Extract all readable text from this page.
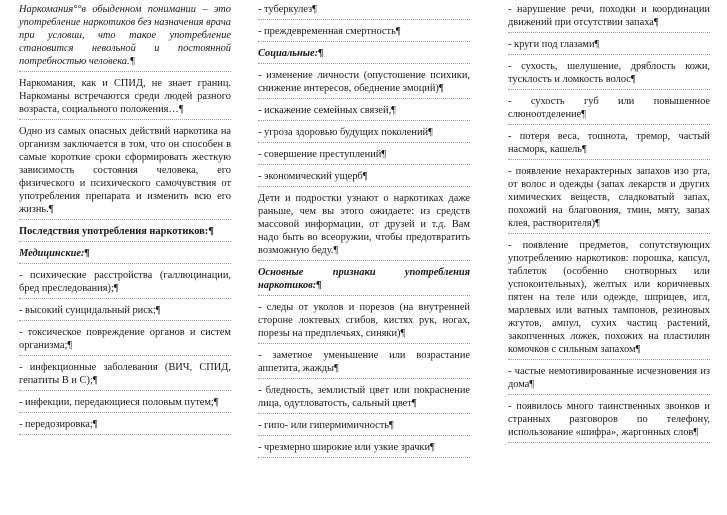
Наркомания°°в обыденном понимании – это употребление наркотиков без назначения врача при условии, что такое употребление становится невольной и постоянной потребностью человека.¶

Наркомания, как и СПИД, не знает границ. Наркоманы встречаются среди людей разного возраста, социального положения…¶

Одно из самых опасных действий наркотика на организм заключается в том, что он способен в самые короткие сроки сформировать жесткую зависимость состояния человека, его физического и психического самочувствия от употребления препарата и изменить всю его жизнь.¶

Последствия употребления наркотиков:¶

Медицинские:¶

- психические расстройства (галлюцинации, бред преследования);¶

- высокий суицидальный риск;¶

- токсическое повреждение органов и систем организма;¶

- инфекционные заболевания (ВИЧ, СПИД, гепатиты В и С);¶

- инфекции, передающиеся половым путем;¶

- передозировка;¶

- туберкулез¶

- преждевременная смертность¶

Социальные:¶

- изменение личности (опустошение психики, снижение интересов, обеднение эмоций)¶

- искажение семейных связей,¶

- угроза здоровью будущих поколений¶

- совершение преступлений¶

- экономический ущерб¶

Дети и подростки узнают о наркотиках даже раньше, чем вы этого ожидаете: из средств массовой информации, от друзей и т.д. Вам надо быть во всеоружии, чтобы предотвратить возможную беду.¶

Основные признаки употребления наркотиков:¶

- следы от уколов и порезов (на внутренней стороне локтевых сгибов, кистях рук, ногах, порезы на предплечьях, синяки)¶

- заметное уменьшение или возрастание аппетита, жажды¶

- бледность, землистый цвет или покраснение лица, одутловатость, сальный цвет¶

- гипо- или гипермимичность¶

- чрезмерно широкие или узкие зрачки¶

- нарушение речи, походки и координации движений при отсутствии запаха¶

- круги под глазами¶

- сухость, шелушение, дряблость кожи, тусклость и ломкость волос¶

- сухость губ или повышенное слюноотделение¶

- потеря веса, тошнота, тремор, частый насморк, кашель¶

- появление нехарактерных запахов изо рта, от волос и одежды (запах лекарств и других химических веществ, сладковатый запах, похожий на благовония, тмин, мяту, запах клея, растворителя)¶

- появление предметов, сопутствующих употреблению наркотиков: порошка, капсул, таблеток (особенно снотворных или успокоительных), желтых или коричневых пятен на теле или одежде, шприцев, игл, марлевых или ватных тампонов, резиновых жгутов, ампул, сухих частиц растений, закопченных ложек, похожих на пластилин комочков с сильным запахом¶

- частые немотивированные исчезновения из дома¶

- появилось много таинственных звонков и странных разговоров по телефону, использование «шифра», жаргонных слов¶
